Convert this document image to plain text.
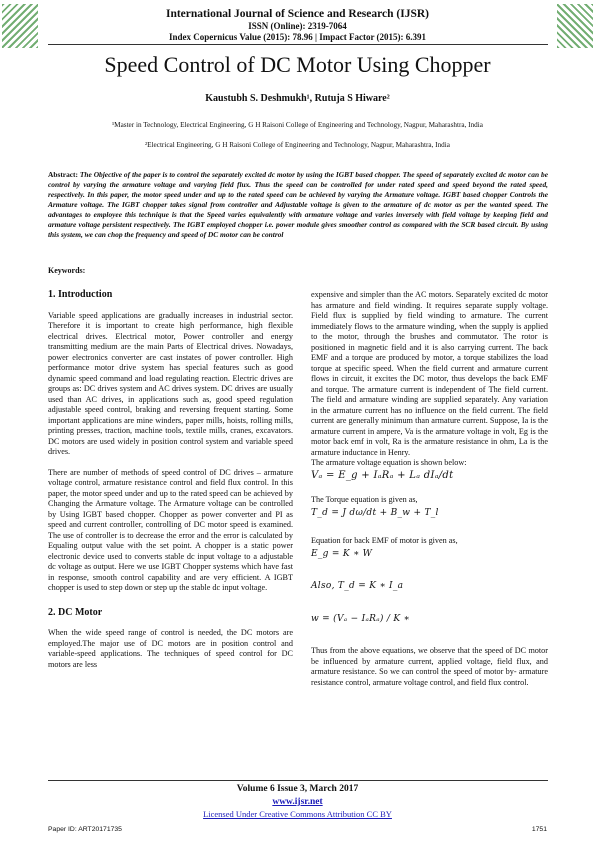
International Journal of Science and Research (IJSR)
ISSN (Online): 2319-7064
Index Copernicus Value (2015): 78.96 | Impact Factor (2015): 6.391
Speed Control of DC Motor Using Chopper
Kaustubh S. Deshmukh¹, Rutuja S Hiware²
¹Master in Technology, Electrical Engineering, G H Raisoni College of Engineering and Technology, Nagpur, Maharashtra, India
²Electrical Engineering, G H Raisoni College of Engineering and Technology, Nagpur, Maharashtra, India
Abstract: The Objective of the paper is to control the separately excited dc motor by using the IGBT based chopper. The speed of separately excited dc motor can be control by varying the armature voltage and varying field flux. Thus the speed can be controlled for under rated speed and speed beyond the rated speed, respectively. In this paper, the motor speed under and up to the rated speed can be achieved by varying the Armature voltage. IGBT based chopper Controls the Armature voltage. The IGBT chopper takes signal from controller and Adjustable voltage is given to the armature of dc motor as per the wanted speed. The advantages to employee this technique is that the Speed varies equivalently with armature voltage and varies inversely with field voltage by keeping field and armature voltage persistent respectively. The IGBT employed chopper i.e. power module gives smoother control as compared with the SCR based circuit. By using this system, we can chop the frequency and speed of DC motor can be control
Keywords:
1. Introduction

Variable speed applications are gradually increases in industrial sector. Therefore it is important to create high performance, high flexible electrical drives. Electrical motor, Power controller and energy transmitting medium are the main Parts of Electrical drives. Nowadays, power electronics converter are cast instates of power controller. High performance motor drive system has special features such as good dynamic speed command and load regulating reaction. Electric drives are groups as: DC drives system and AC drives system. DC drives are usually used than AC drives, in applications such as, good speed regulation adjustable speed control, braking and reversing frequent starting. Some important applications are mine winders, paper mills, hoists, rolling mills, printing presses, traction, machine tools, textile mills, cranes, excavators. DC motors are used widely in position control system and variable speed drives.

There are number of methods of speed control of DC drives – armature voltage control, armature resistance control and field flux control. In this paper, the motor speed under and up to the rated speed can be achieved by Changing the Armature voltage. The Armature voltage can be controlled by Using IGBT based chopper. Chopper as power converter and PI as speed and current controller, controlling of DC motor speed is examined. The use of controller is to decrease the error and the error is calculated by Equaling output value with the set point. A chopper is a static power electronic device used to converts stable dc input voltage to a adjustable dc voltage as output. Here we use IGBT Chopper systems which have fast in response, smooth control capability and are very efficient. A IGBT chopper is used to step down or step up the stable dc input voltage.

2. DC Motor

When the wide speed range of control is needed, the DC motors are employed.The major use of DC motors are in position control and variable-speed applications. The techniques of speed control for DC motors are less

expensive and simpler than the AC motors. Separately excited dc motor has armature and field winding. It requires separate supply voltage. Field flux is supplied by field winding to armature. The current immediately flows to the armature winding, when the supply is applied to the motor, through the brushes and commutator. The rotor is positioned in magnetic field and it is also carrying current. The back EMF and a torque are produced by motor, a torque stabilizes the load torque at specific speed. When the field current and armature current flows in circuit, it excites the DC motor, thus develops the back EMF and torque. The armature current is independent of The field current. The field and armature winding are supplied separately. Any variation in the armature current has no influence on the field current. The field current are generally minimum than armature current. Suppose, Ia is the armature current in ampere, Va is the armature voltage in volt, Eg is the motor back emf in volt, Ra is the armature resistance in ohm, La is the armature inductance in Henry.

The armature voltage equation is shown below:
Vₐ = E_g + IₐRₐ + Lₐ dIₐ/dt
The Torque equation is given as,
T_d = J dω/dt + B_w + T_l
Equation for back EMF of motor is given as,
E_g = K ∗ W
Also, T_d = K ∗ I_a
w = (Vₐ − IₐRₐ) / K ∗

Thus from the above equations, we observe that the speed of DC motor be influenced by armature current, applied voltage, field flux, and armature resistance. So we can control the speed of motor by- armature resistance control, armature voltage control, and field flux control.

Volume 6 Issue 3, March 2017
www.ijsr.net
Licensed Under Creative Commons Attribution CC BY
Paper ID: ART20171735	1751
